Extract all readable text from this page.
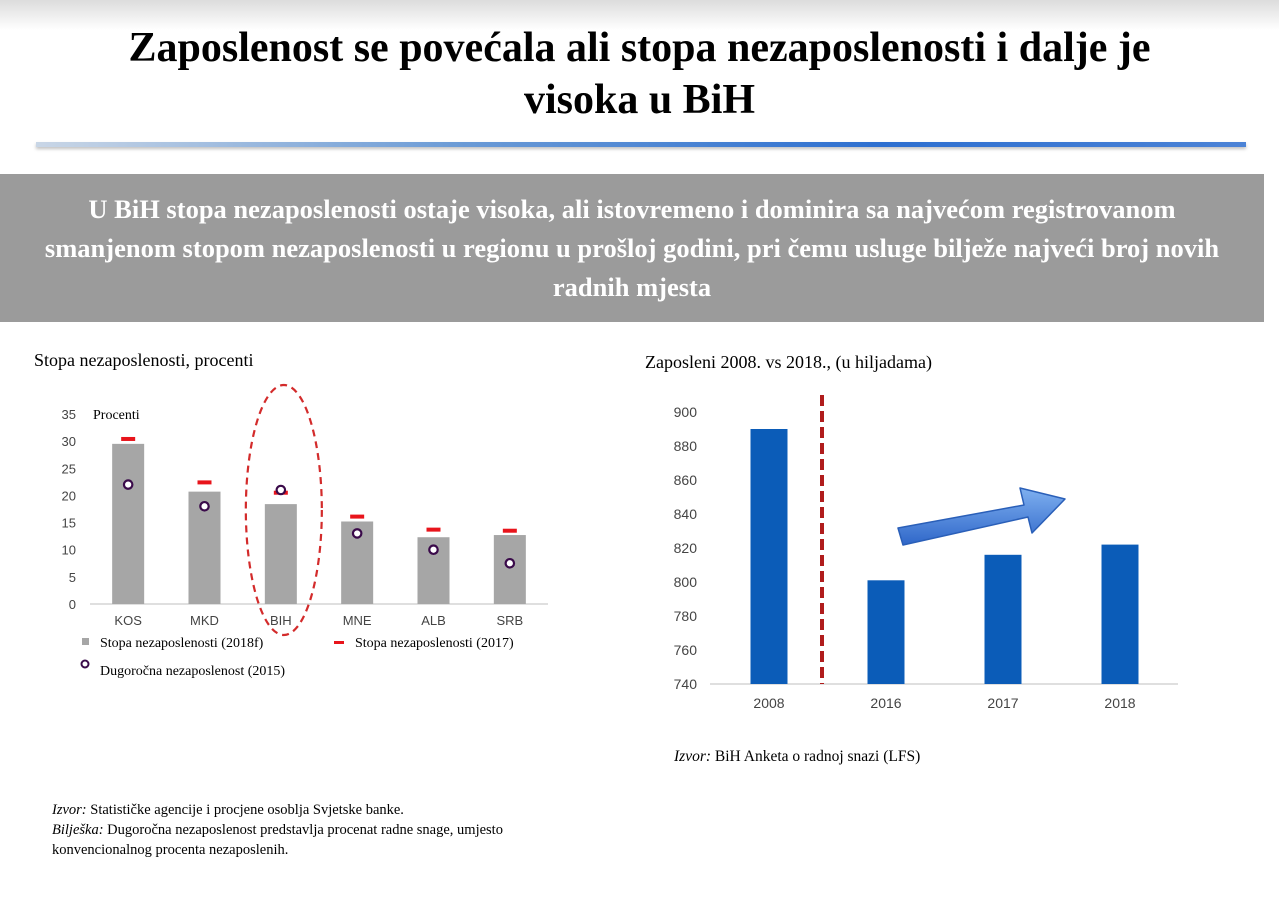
Zaposlenost se povećala ali stopa nezaposlenosti i dalje je
visoka u BiH
U BiH stopa nezaposlenosti ostaje visoka, ali istovremeno i dominira sa najvećom registrovanom smanjenom stopom nezaposlenosti u regionu u prošloj godini, pri čemu usluge bilježe najveći broj novih radnih mjesta
Stopa nezaposlenosti, procenti	Zaposleni 2008. vs 2018., (u hiljadama)
0
5
10
15
20
25
30
35 Procenti
KOS	MKD	BIH	MNE	ALB	SRB
Stopa nezaposlenosti (2018f)	Stopa nezaposlenosti (2017)
Dugoročna nezaposlenost (2015)
740
760
780
800
820
840
860
880
900
2008	2016	2017	2018
Izvor: BiH Anketa o radnoj snazi (LFS)
Izvor: Statističke agencije i procjene osoblja Svjetske banke.
Bilješka: Dugoročna nezaposlenost predstavlja procenat radne snage, umjesto
konvencionalnog procenta nezaposlenih.
